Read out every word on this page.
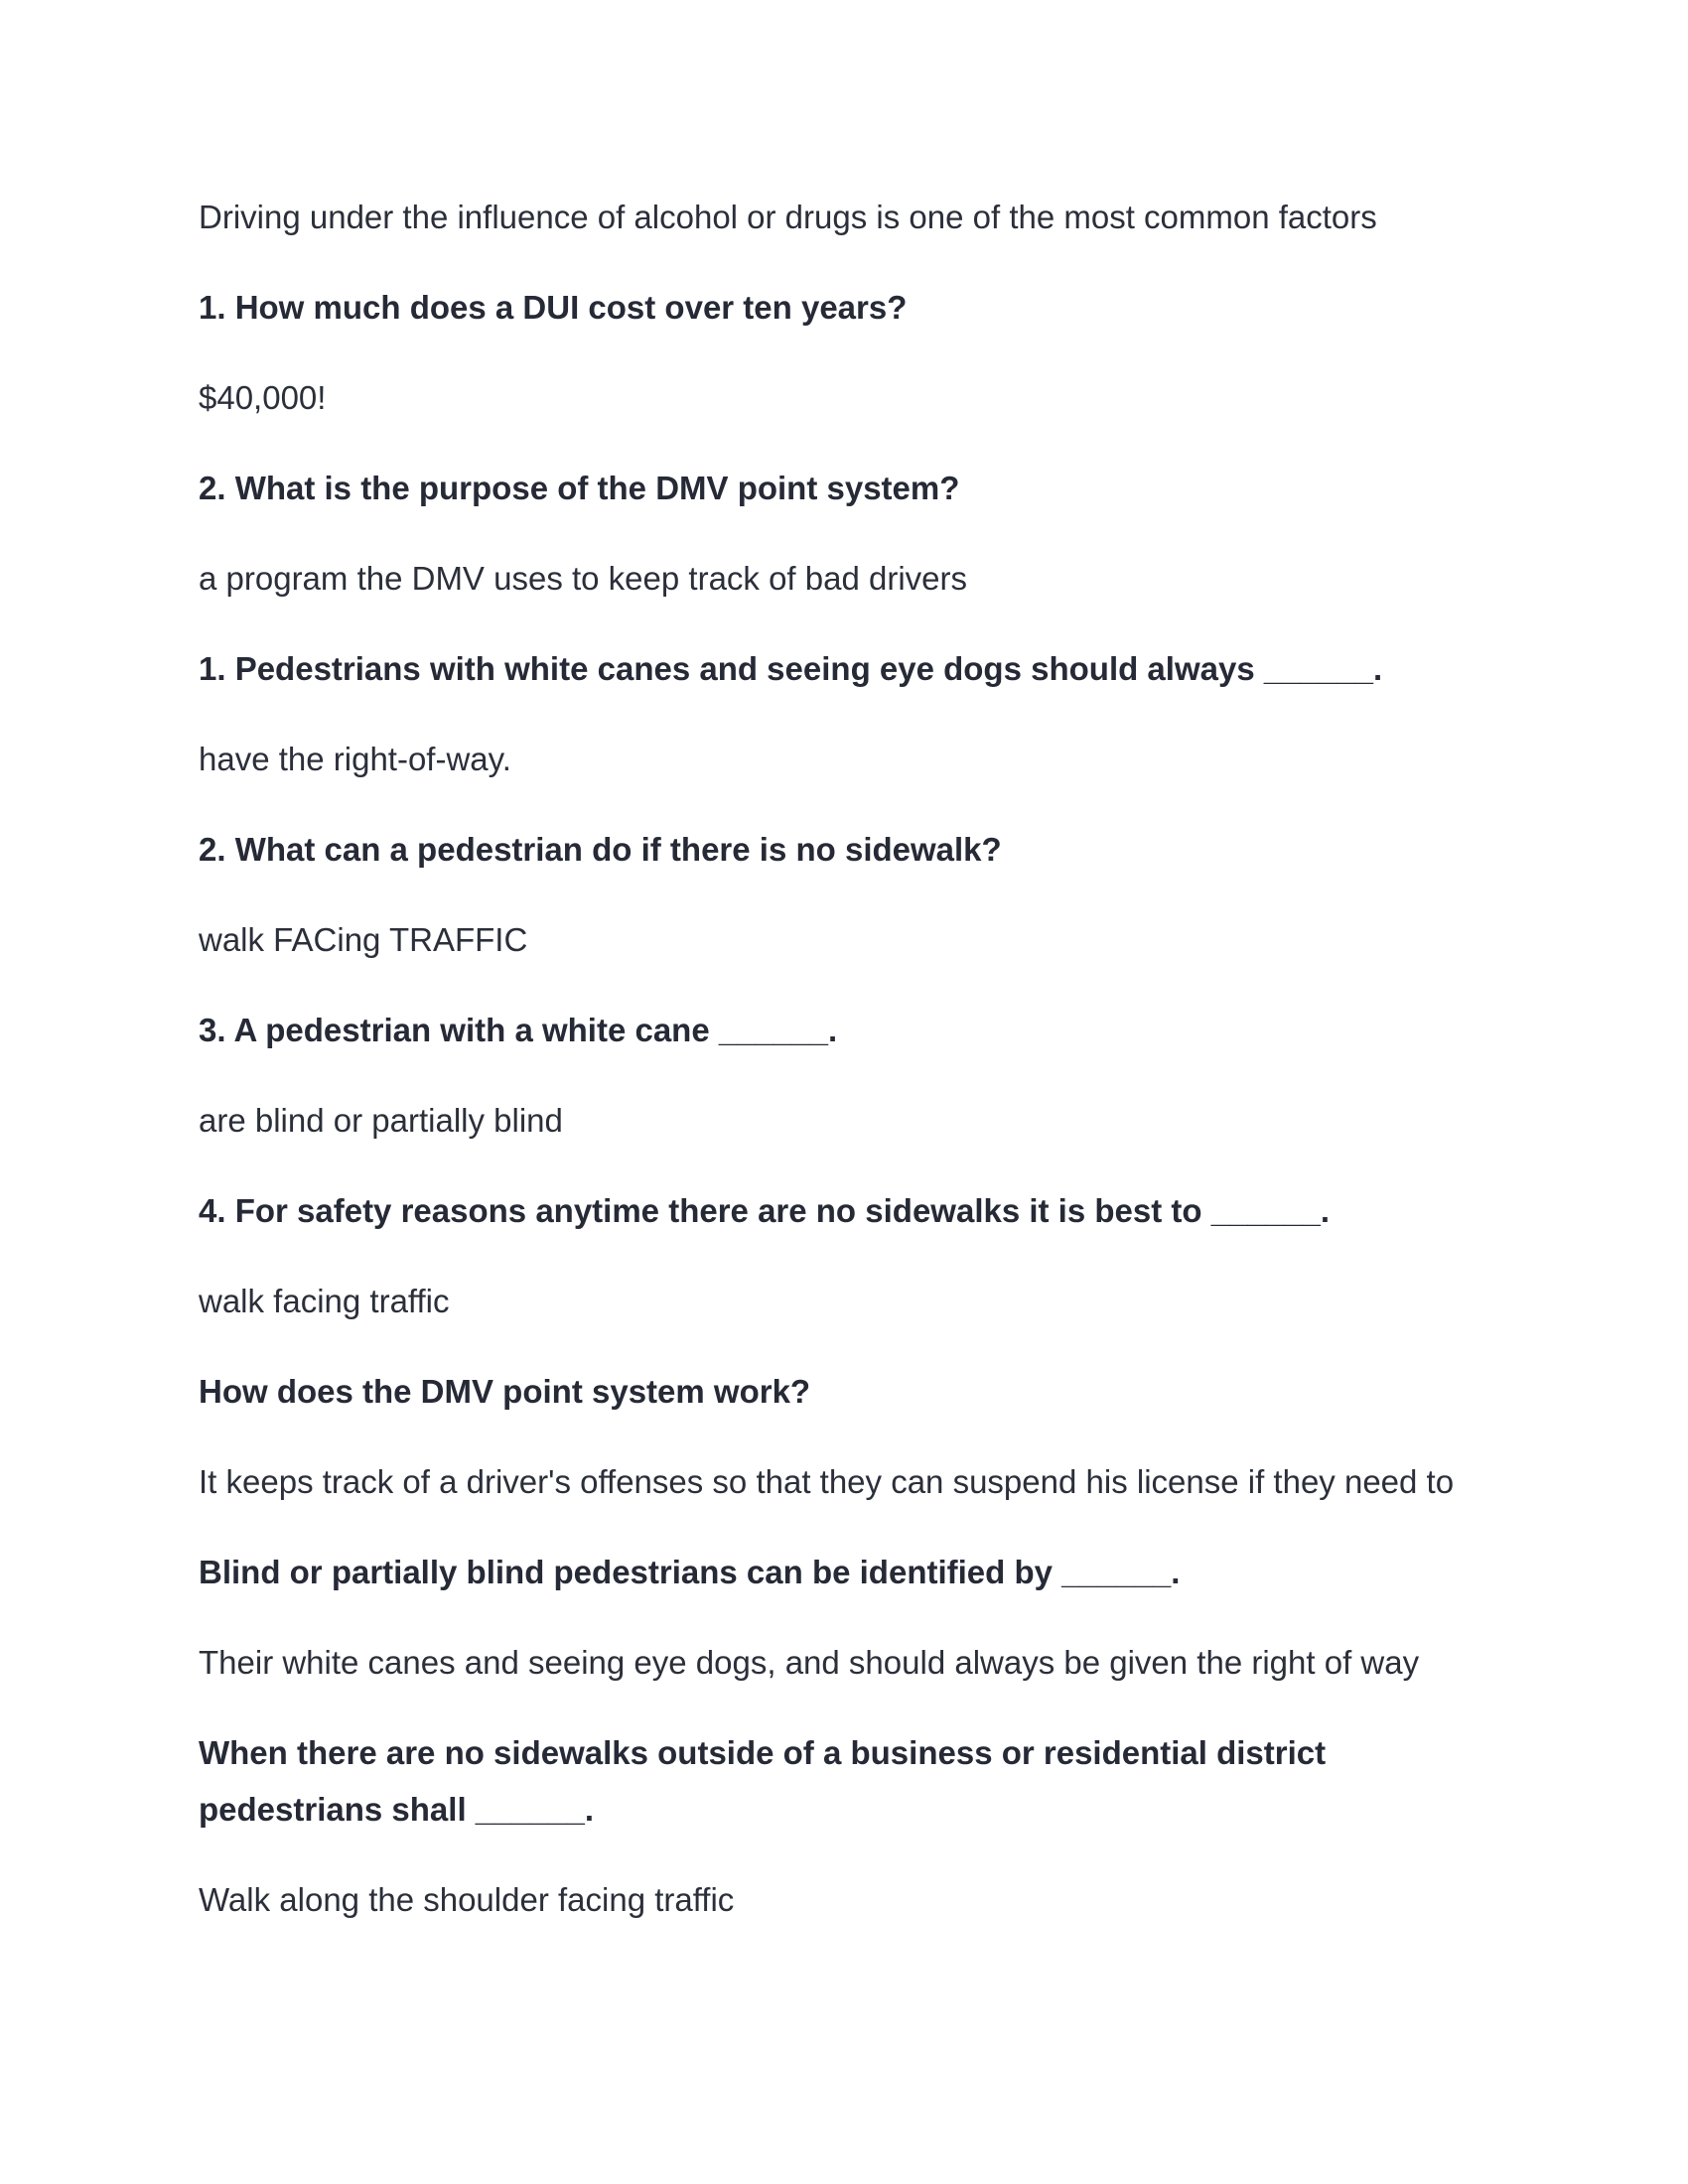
Driving under the influence of alcohol or drugs is one of the most common factors

1. How much does a DUI cost over ten years?

$40,000!

2. What is the purpose of the DMV point system?

a program the DMV uses to keep track of bad drivers

1. Pedestrians with white canes and seeing eye dogs should always ______.

have the right-of-way.

2. What can a pedestrian do if there is no sidewalk?

walk FACing TRAFFIC

3. A pedestrian with a white cane ______.

are blind or partially blind

4. For safety reasons anytime there are no sidewalks it is best to ______.

walk facing traffic

How does the DMV point system work?

It keeps track of a driver's offenses so that they can suspend his license if they need to

Blind or partially blind pedestrians can be identified by ______.

Their white canes and seeing eye dogs, and should always be given the right of way

When there are no sidewalks outside of a business or residential district pedestrians shall ______.

Walk along the shoulder facing traffic
